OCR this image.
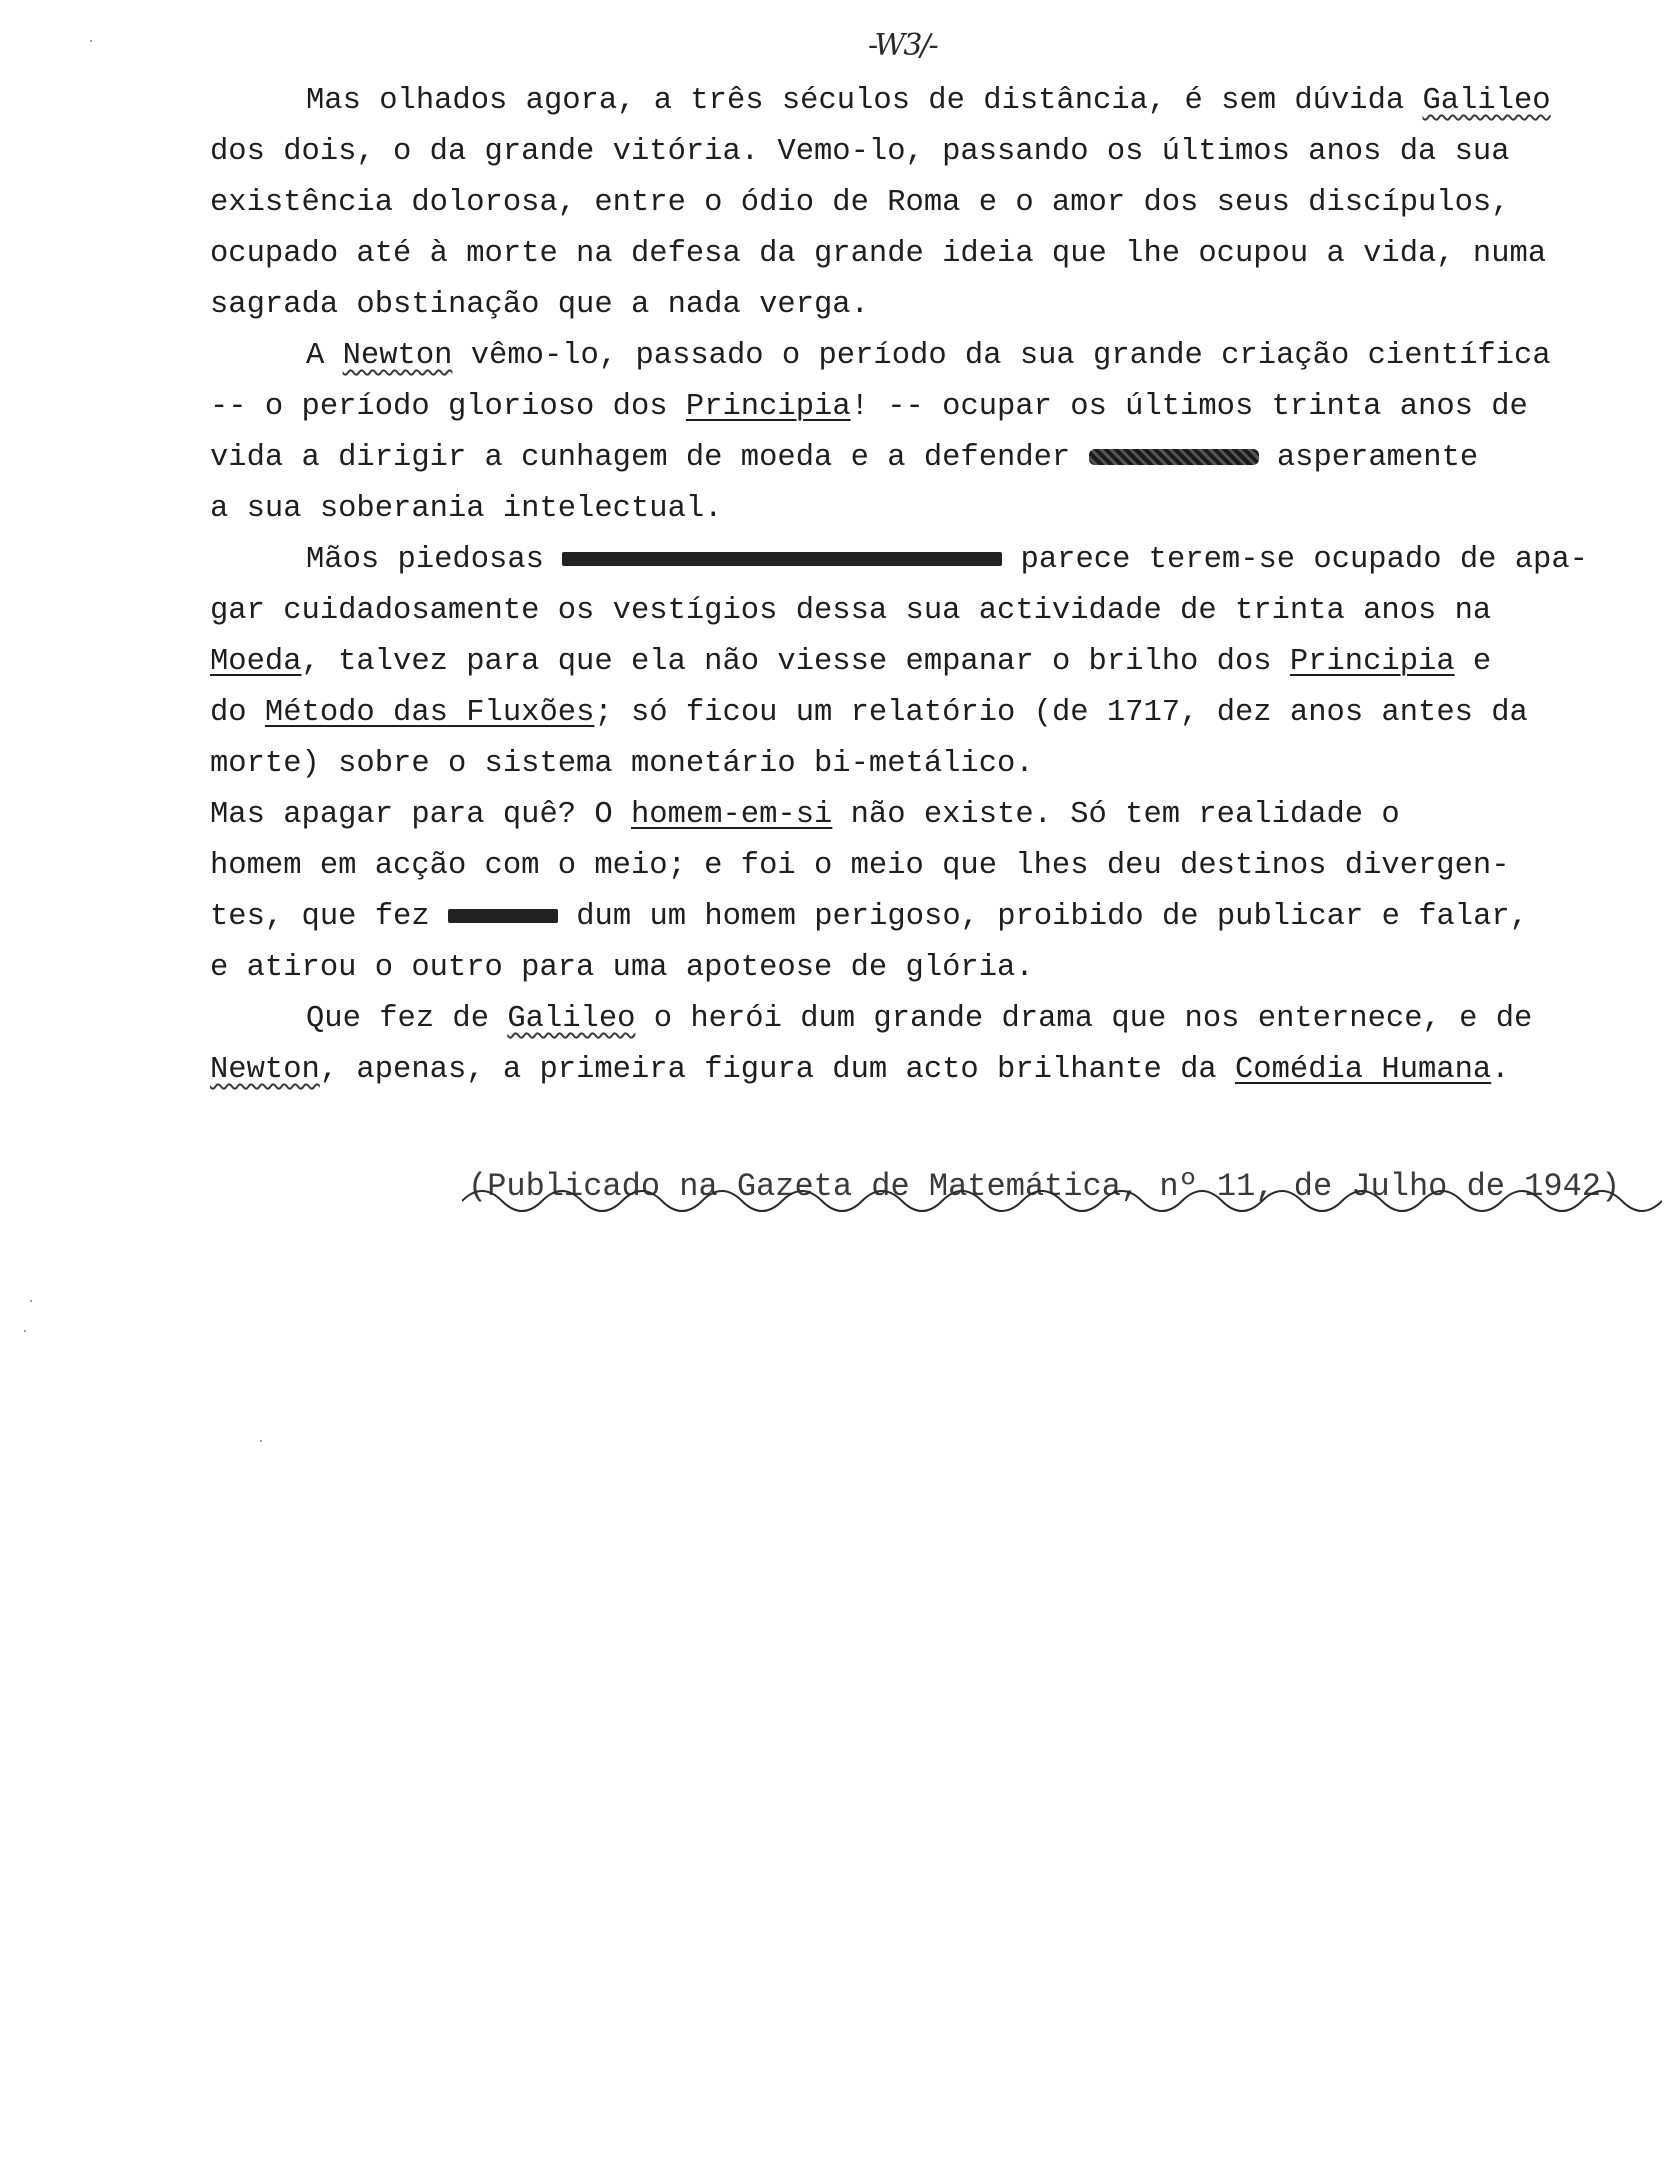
-W3/-
Mas olhados agora, a três séculos de distância, é sem dúvida Galileo
dos dois, o da grande vitória. Vemo-lo, passando os últimos anos da sua
existência dolorosa, entre o ódio de Roma e o amor dos seus discípulos,
ocupado até à morte na defesa da grande ideia que lhe ocupou a vida, numa
sagrada obstinação que a nada verga.
A Newton vêmo-lo, passado o período da sua grande criação científica
-- o período glorioso dos Principia! -- ocupar os últimos trinta anos de
vida a dirigir a cunhagem de moeda e a defender	asperamente
a sua soberania intelectual.
Mãos piedosas	parece terem-se ocupado de apa-
gar cuidadosamente os vestígios dessa sua actividade de trinta anos na
Moeda, talvez para que ela não viesse empanar o brilho dos Principia e
do Método das Fluxões; só ficou um relatório (de 1717, dez anos antes da
morte) sobre o sistema monetário bi-metálico.
Mas apagar para quê? O homem-em-si não existe. Só tem realidade o
homem em acção com o meio; e foi o meio que lhes deu destinos divergen-
tes, que fez	dum um homem perigoso, proibido de publicar e falar,
e atirou o outro para uma apoteose de glória.
Que fez de Galileo o herói dum grande drama que nos enternece, e de
Newton, apenas, a primeira figura dum acto brilhante da Comédia Humana.
(Publicado na Gazeta de Matemática, nº 11, de Julho de 1942)
